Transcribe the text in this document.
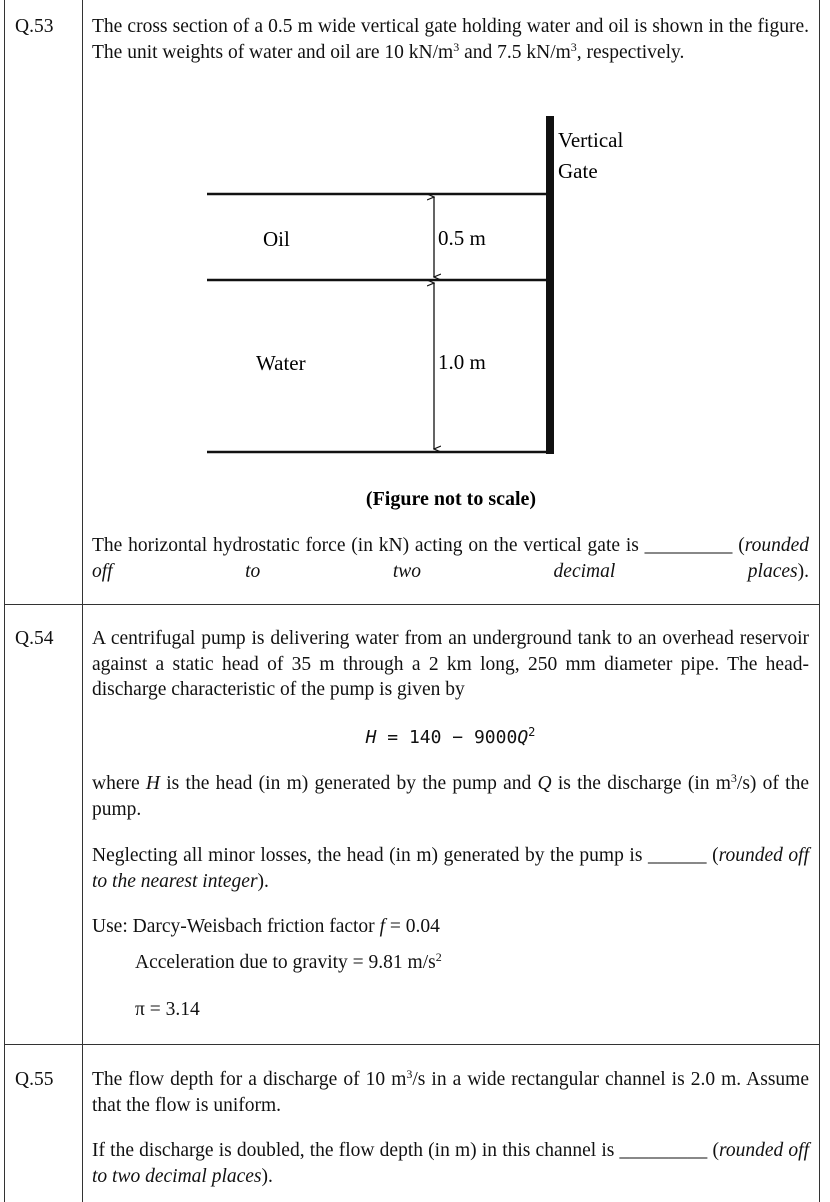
Q.53 The cross section of a 0.5 m wide vertical gate holding water and oil is shown in the figure. The unit weights of water and oil are 10 $kN/m^3$ and 7.5 $kN/m^3$, respectively.
Vertical
Gate
Oil
Water
0.5 m
1.0 m
(Figure not to scale)
The horizontal hydrostatic force (in kN) acting on the vertical gate is _________ (rounded off to two decimal places).
Q.54 A centrifugal pump is delivering water from an underground tank to an overhead reservoir against a static head of 35 m through a 2 km long, 250 mm diameter pipe. The head-discharge characteristic of the pump is given by
$H = 140 - 9000Q^2$
where H is the head (in m) generated by the pump and Q is the discharge (in $m^3/s$) of the pump.
Neglecting all minor losses, the head (in m) generated by the pump is ______ (rounded off to the nearest integer).
Use: Darcy-Weisbach friction factor f = 0.04
Acceleration due to gravity = 9.81 $m/s^2$
π = 3.14
Q.55 The flow depth for a discharge of 10 $m^3/s$ in a wide rectangular channel is 2.0 m. Assume that the flow is uniform.
If the discharge is doubled, the flow depth (in m) in this channel is _________ (rounded off to two decimal places).
